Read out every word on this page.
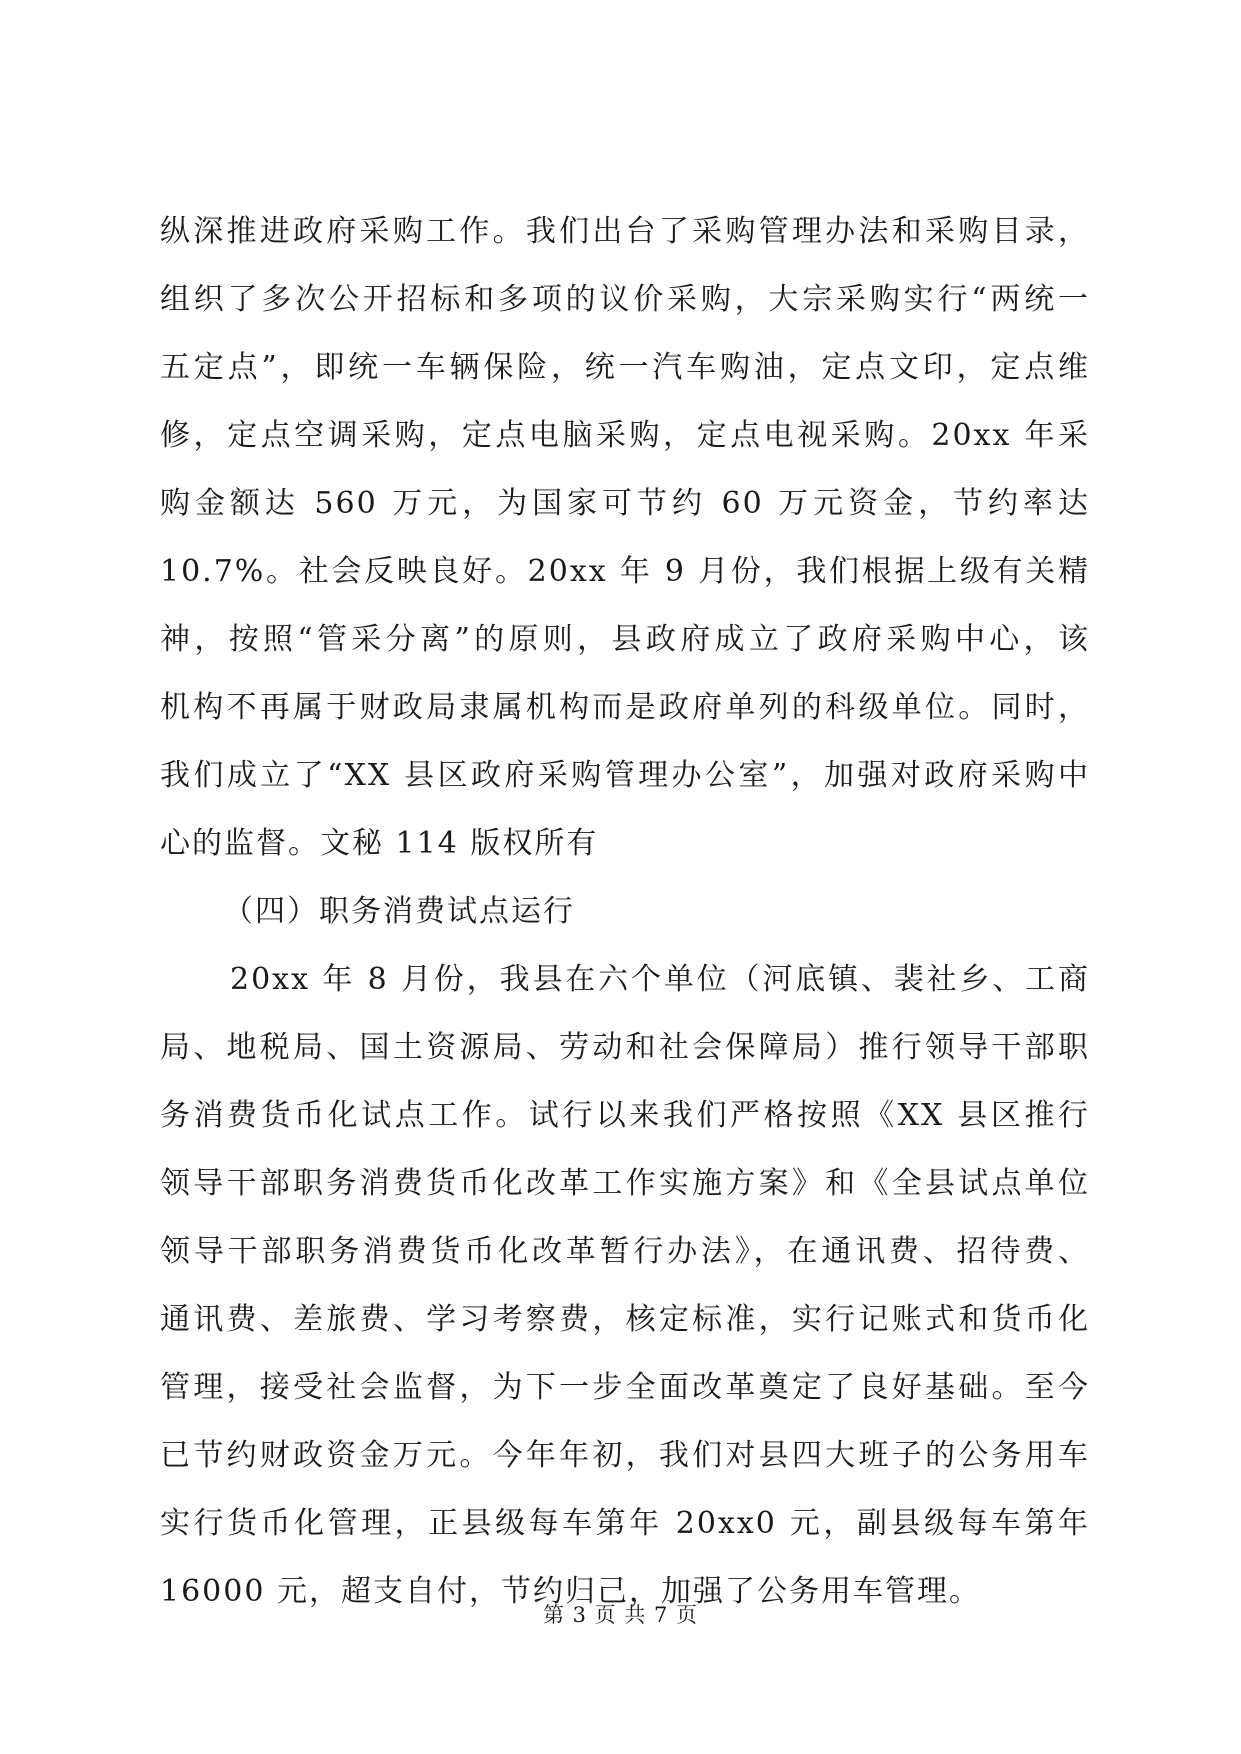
纵深推进政府采购工作。我们出台了采购管理办法和采购目录，
组织了多次公开招标和多项的议价采购，大宗采购实行“两统一
五定点”，即统一车辆保险，统一汽车购油，定点文印，定点维
修，定点空调采购，定点电脑采购，定点电视采购。20xx 年采
购金额达 560 万元，为国家可节约 60 万元资金，节约率达
10.7%。社会反映良好。20xx 年 9 月份，我们根据上级有关精
神，按照“管采分离”的原则，县政府成立了政府采购中心，该
机构不再属于财政局隶属机构而是政府单列的科级单位。同时，
我们成立了“XX 县区政府采购管理办公室”，加强对政府采购中
心的监督。文秘 114 版权所有
（四）职务消费试点运行
20xx 年 8 月份，我县在六个单位（河底镇、裴社乡、工商
局、地税局、国土资源局、劳动和社会保障局）推行领导干部职
务消费货币化试点工作。试行以来我们严格按照《XX 县区推行
领导干部职务消费货币化改革工作实施方案》和《全县试点单位
领导干部职务消费货币化改革暂行办法》，在通讯费、招待费、
通讯费、差旅费、学习考察费，核定标准，实行记账式和货币化
管理，接受社会监督，为下一步全面改革奠定了良好基础。至今
已节约财政资金万元。今年年初，我们对县四大班子的公务用车
实行货币化管理，正县级每车第年 20xx0 元，副县级每车第年
16000 元，超支自付，节约归己，加强了公务用车管理。
第 3 页 共 7 页
